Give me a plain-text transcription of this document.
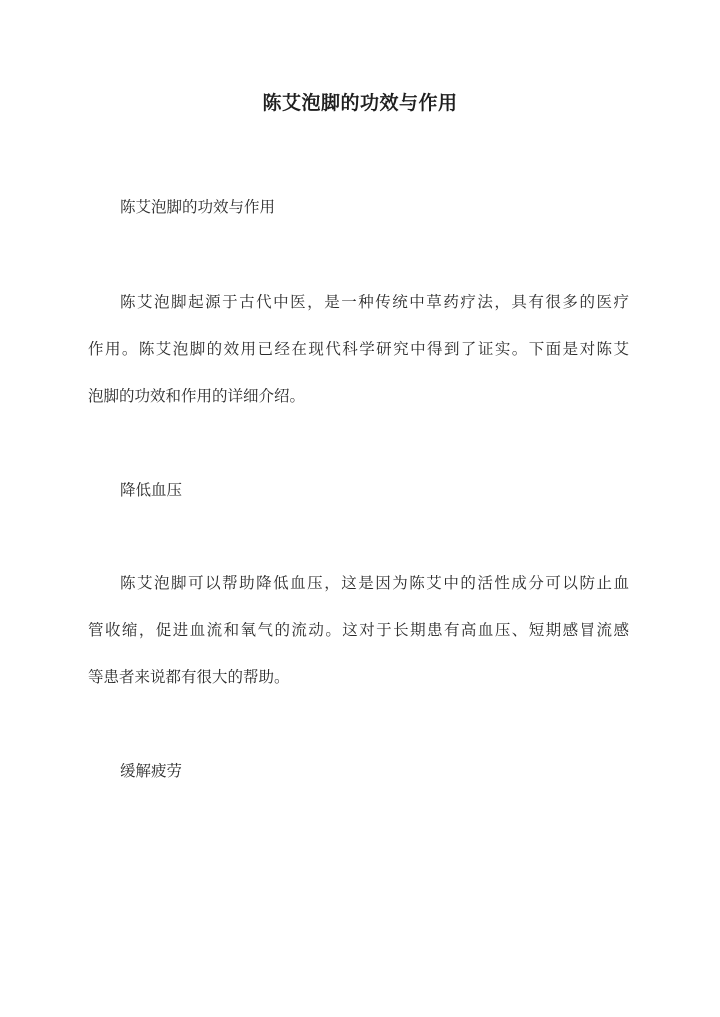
陈艾泡脚的功效与作用

陈艾泡脚的功效与作用

陈艾泡脚起源于古代中医，是一种传统中草药疗法，具有很多的医疗

作用。陈艾泡脚的效用已经在现代科学研究中得到了证实。下面是对陈艾

泡脚的功效和作用的详细介绍。

降低血压

陈艾泡脚可以帮助降低血压，这是因为陈艾中的活性成分可以防止血

管收缩，促进血流和氧气的流动。这对于长期患有高血压、短期感冒流感

等患者来说都有很大的帮助。

缓解疲劳
